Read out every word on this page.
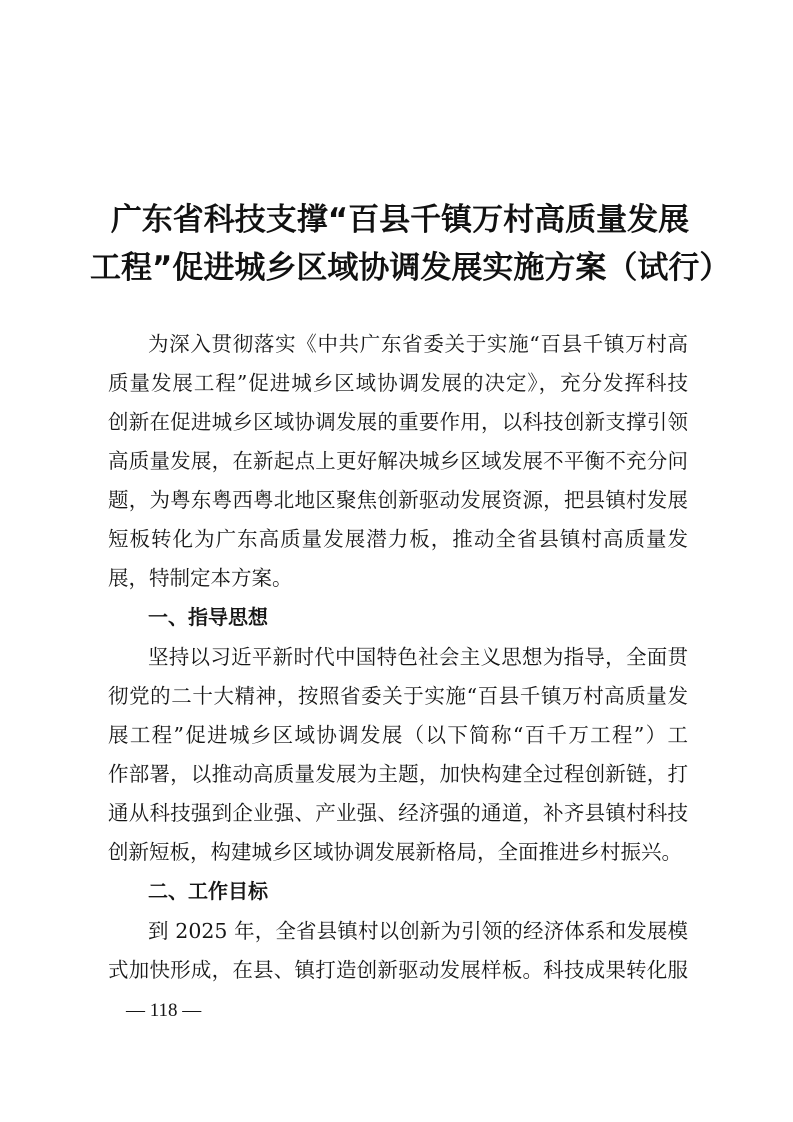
广东省科技支撑“百县千镇万村高质量发展
工程”促进城乡区域协调发展实施方案（试行）

为深入贯彻落实《中共广东省委关于实施“百县千镇万村高

质量发展工程”促进城乡区域协调发展的决定》，充分发挥科技

创新在促进城乡区域协调发展的重要作用，以科技创新支撑引领

高质量发展，在新起点上更好解决城乡区域发展不平衡不充分问

题，为粤东粤西粤北地区聚焦创新驱动发展资源，把县镇村发展

短板转化为广东高质量发展潜力板，推动全省县镇村高质量发

展，特制定本方案。

一、指导思想

坚持以习近平新时代中国特色社会主义思想为指导，全面贯

彻党的二十大精神，按照省委关于实施“百县千镇万村高质量发

展工程”促进城乡区域协调发展（以下简称“百千万工程”）工

作部署，以推动高质量发展为主题，加快构建全过程创新链，打

通从科技强到企业强、产业强、经济强的通道，补齐县镇村科技

创新短板，构建城乡区域协调发展新格局，全面推进乡村振兴。

二、工作目标

到 2025 年，全省县镇村以创新为引领的经济体系和发展模

式加快形成，在县、镇打造创新驱动发展样板。科技成果转化服

— 118 —
